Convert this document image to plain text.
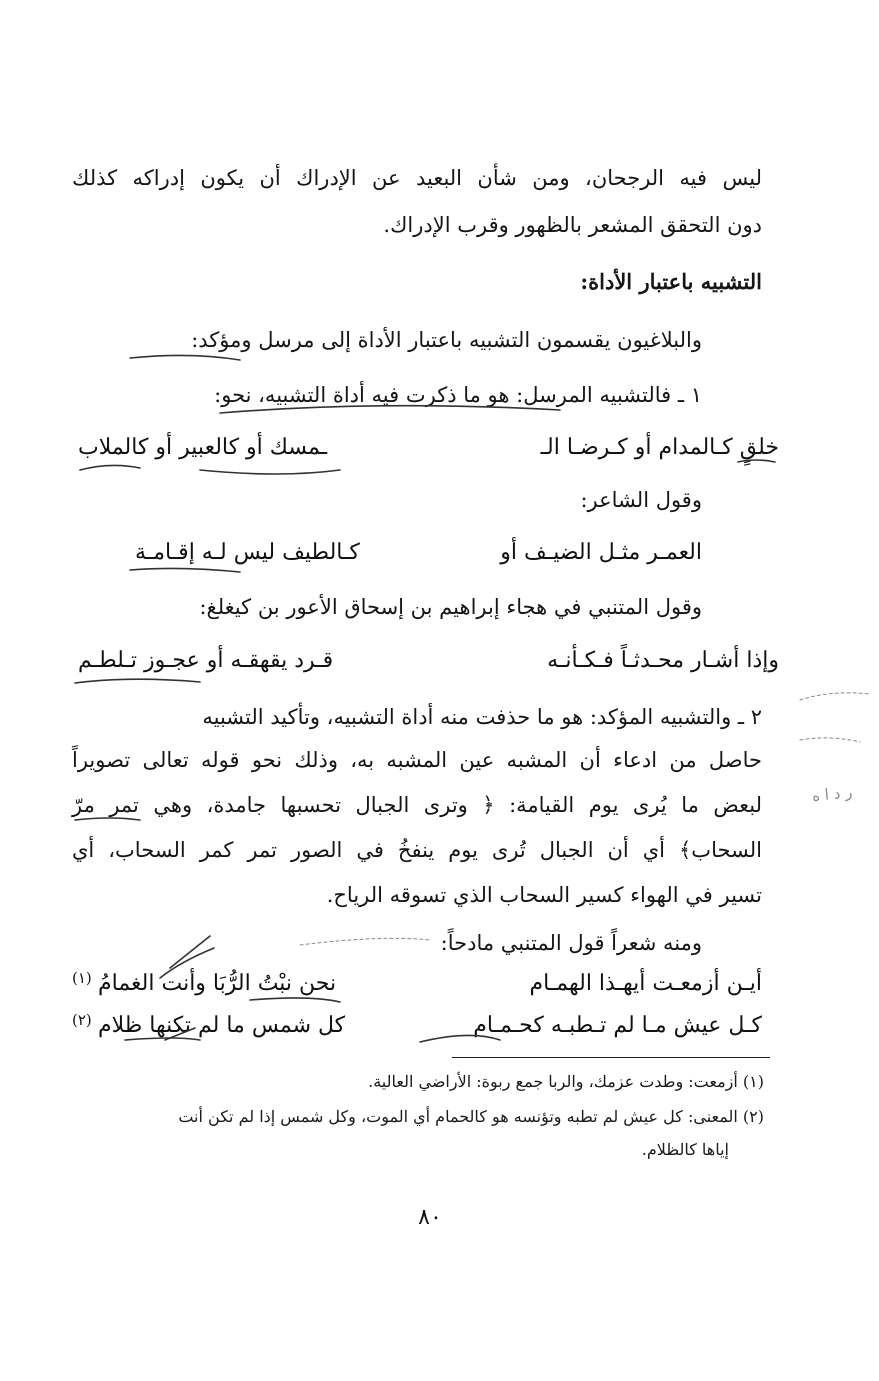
ليس فيه الرجحان، ومن شأن البعيد عن الإدراك أن يكون إدراكه كذلك
دون التحقق المشعر بالظهور وقرب الإدراك.
التشبيه باعتبار الأداة:
والبلاغيون يقسمون التشبيه باعتبار الأداة إلى مرسل ومؤكد:
١ ـ فالتشبيه المرسل: هو ما ذكرت فيه أداة التشبيه، نحو:
خلقٍ كـالمدام أو كـرضـا الـ
ـمسك أو كالعبير أو كالملاب
وقول الشاعر:
العمـر مثـل الضيـف أو
كـالطيف ليس لـه إقـامـة
وقول المتنبي في هجاء إبراهيم بن إسحاق الأعور بن كيغلغ:
وإذا أشـار محـدثـاً فـكـأنـه
قـرد يقهقـه أو عجـوز تـلطـم
٢ ـ والتشبيه المؤكد: هو ما حذفت منه أداة التشبيه، وتأكيد التشبيه
حاصل من ادعاء أن المشبه عين المشبه به، وذلك نحو قوله تعالى تصويراً
لبعض ما يُرى يوم القيامة: ﴿ وترى الجبال تحسبها جامدة، وهي تمر مرّ
السحاب﴾ أي أن الجبال تُرى يوم ينفخُ في الصور تمر كمر السحاب، أي
تسير في الهواء كسير السحاب الذي تسوقه الرياح.
ومنه شعراً قول المتنبي مادحاً:
أيـن أزمعـت أيهـذا الهمـام
نحن نبْتُ الرُّبَا وأنت الغمامُ
(١)
كـل عيش مـا لم تـطبـه كحـمـام
كل شمس ما لم تكنها ظلام
(٢)
(١) أزمعت: وطدت عزمك، والربا جمع ربوة: الأراضي العالية.
(٢) المعنى: كل عيش لم تطبه وتؤنسه هو كالحمام أي الموت، وكل شمس إذا لم تكن أنت
إياها كالظلام.
٨٠
ر د ا ه
